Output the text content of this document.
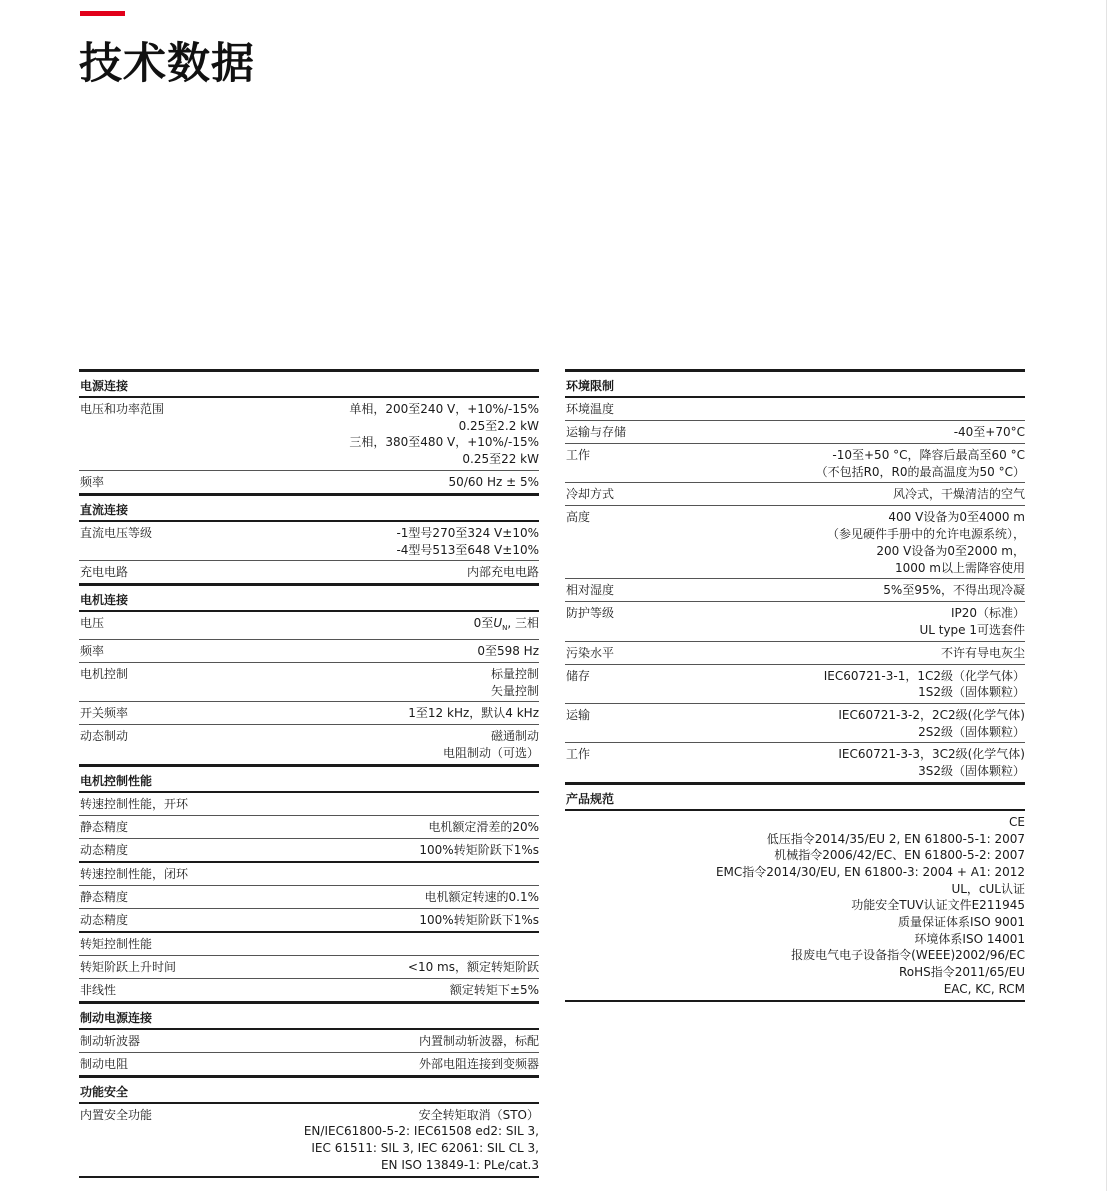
技术数据
电源连接
电压和功率范围	单相，200至240 V，+10%/-15%
0.25至2.2 kW
三相，380至480 V，+10%/-15%
0.25至22 kW
频率	50/60 Hz ± 5%
直流连接
直流电压等级	-1型号270至324 V±10%
-4型号513至648 V±10%
充电电路	内部充电电路
电机连接
电压	0至$U_N$, 三相
频率	0至598 Hz
电机控制	标量控制
矢量控制
开关频率	1至12 kHz，默认4 kHz
动态制动	磁通制动
电阻制动（可选）
电机控制性能
转速控制性能，开环
静态精度	电机额定滑差的20%
动态精度	100%转矩阶跃下1%s
转速控制性能，闭环
静态精度	电机额定转速的0.1%
动态精度	100%转矩阶跃下1%s
转矩控制性能
转矩阶跃上升时间	<10 ms，额定转矩阶跃
非线性	额定转矩下±5%
制动电源连接
制动斩波器	内置制动斩波器，标配
制动电阻	外部电阻连接到变频器
功能安全
内置安全功能	安全转矩取消（STO）
EN/IEC61800-5-2: IEC61508 ed2: SIL 3,
IEC 61511: SIL 3, IEC 62061: SIL CL 3,
EN ISO 13849-1: PLe/cat.3
环境限制
环境温度
运输与存储	-40至+70°C
工作	-10至+50 °C，降容后最高至60 °C
（不包括R0，R0的最高温度为50 °C）
冷却方式	风冷式，干燥清洁的空气
高度	400 V设备为0至4000 m
（参见硬件手册中的允许电源系统），
200 V设备为0至2000 m，
1000 m以上需降容使用
相对湿度	5%至95%，不得出现冷凝
防护等级	IP20（标准）
UL type 1可选套件
污染水平	不许有导电灰尘
储存	IEC60721-3-1，1C2级（化学气体）
1S2级（固体颗粒）
运输	IEC60721-3-2，2C2级(化学气体)
2S2级（固体颗粒）
工作	IEC60721-3-3，3C2级(化学气体)
3S2级（固体颗粒）
产品规范
CE
低压指令2014/35/EU 2, EN 61800-5-1: 2007
机械指令2006/42/EC、EN 61800-5-2: 2007
EMC指令2014/30/EU, EN 61800-3: 2004 + A1: 2012
UL，cUL认证
功能安全TUV认证文件E211945
质量保证体系ISO 9001
环境体系ISO 14001
报废电气电子设备指令(WEEE)2002/96/EC
RoHS指令2011/65/EU
EAC, KC, RCM
